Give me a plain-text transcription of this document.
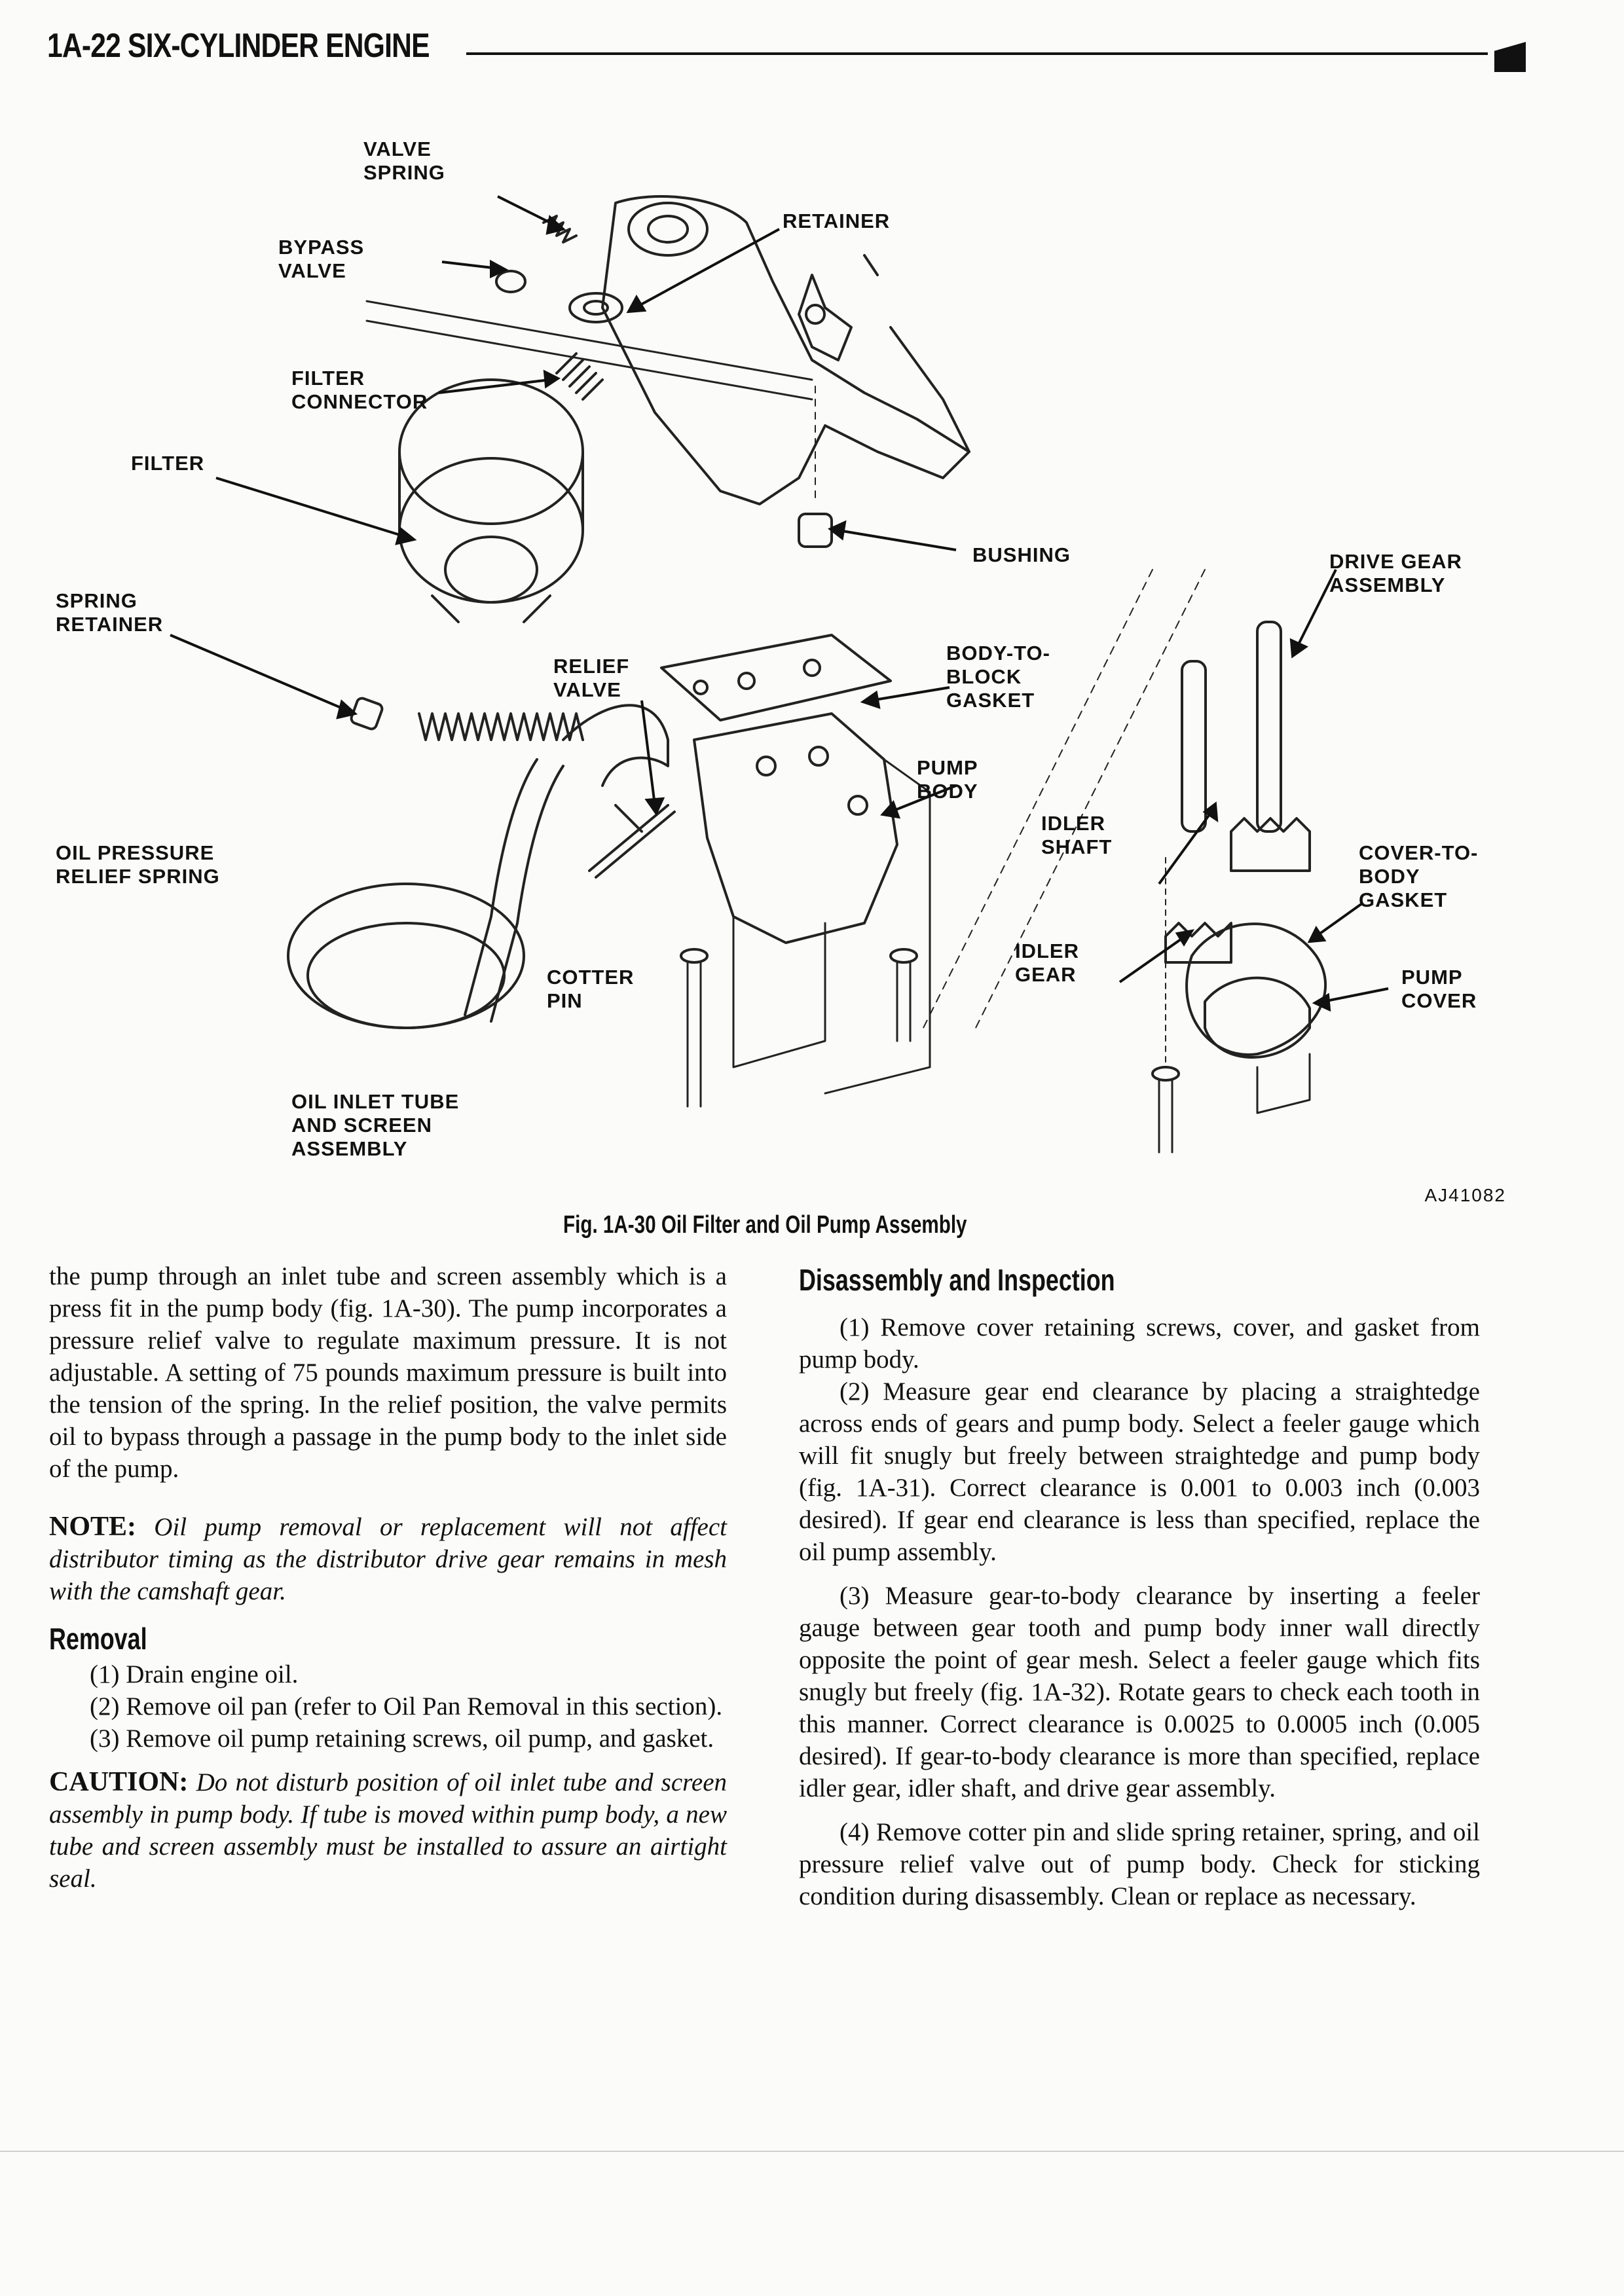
1A-22 SIX-CYLINDER ENGINE
VALVE
SPRING
BYPASS
VALVE
RETAINER
FILTER
CONNECTOR
FILTER
BUSHING	DRIVE GEAR
ASSEMBLY
SPRING
RETAINER
RELIEF
VALVE
BODY-TO-
BLOCK
GASKET
PUMP
BODY
IDLER
SHAFT
OIL PRESSURE
RELIEF SPRING
COVER-TO-
BODY
GASKET
IDLER
GEAR	PUMP
COVER
COTTER
PIN
OIL INLET TUBE
AND SCREEN
ASSEMBLY
AJ41082
Fig. 1A-30 Oil Filter and Oil Pump Assembly

the pump through an inlet tube and screen assembly which is a press fit in the pump body (fig. 1A-30). The pump incorporates a pressure relief valve to regulate maximum pressure. It is not adjustable. A setting of 75 pounds maximum pressure is built into the tension of the spring. In the relief position, the valve permits oil to bypass through a passage in the pump body to the inlet side of the pump.

NOTE: Oil pump removal or replacement will not affect distributor timing as the distributor drive gear remains in mesh with the camshaft gear.

Removal

(1) Drain engine oil.

(2) Remove oil pan (refer to Oil Pan Removal in this section).

(3) Remove oil pump retaining screws, oil pump, and gasket.

CAUTION: Do not disturb position of oil inlet tube and screen assembly in pump body. If tube is moved within pump body, a new tube and screen assembly must be installed to assure an airtight seal.

Disassembly and Inspection

(1) Remove cover retaining screws, cover, and gasket from pump body.

(2) Measure gear end clearance by placing a straightedge across ends of gears and pump body. Select a feeler gauge which will fit snugly but freely between straightedge and pump body (fig. 1A-31). Correct clearance is 0.001 to 0.003 inch (0.003 desired). If gear end clearance is less than specified, replace the oil pump assembly.

(3) Measure gear-to-body clearance by inserting a feeler gauge between gear tooth and pump body inner wall directly opposite the point of gear mesh. Select a feeler gauge which fits snugly but freely (fig. 1A-32). Rotate gears to check each tooth in this manner. Correct clearance is 0.0025 to 0.0005 inch (0.005 desired). If gear-to-body clearance is more than specified, replace idler gear, idler shaft, and drive gear assembly.

(4) Remove cotter pin and slide spring retainer, spring, and oil pressure relief valve out of pump body. Check for sticking condition during disassembly. Clean or replace as necessary.
